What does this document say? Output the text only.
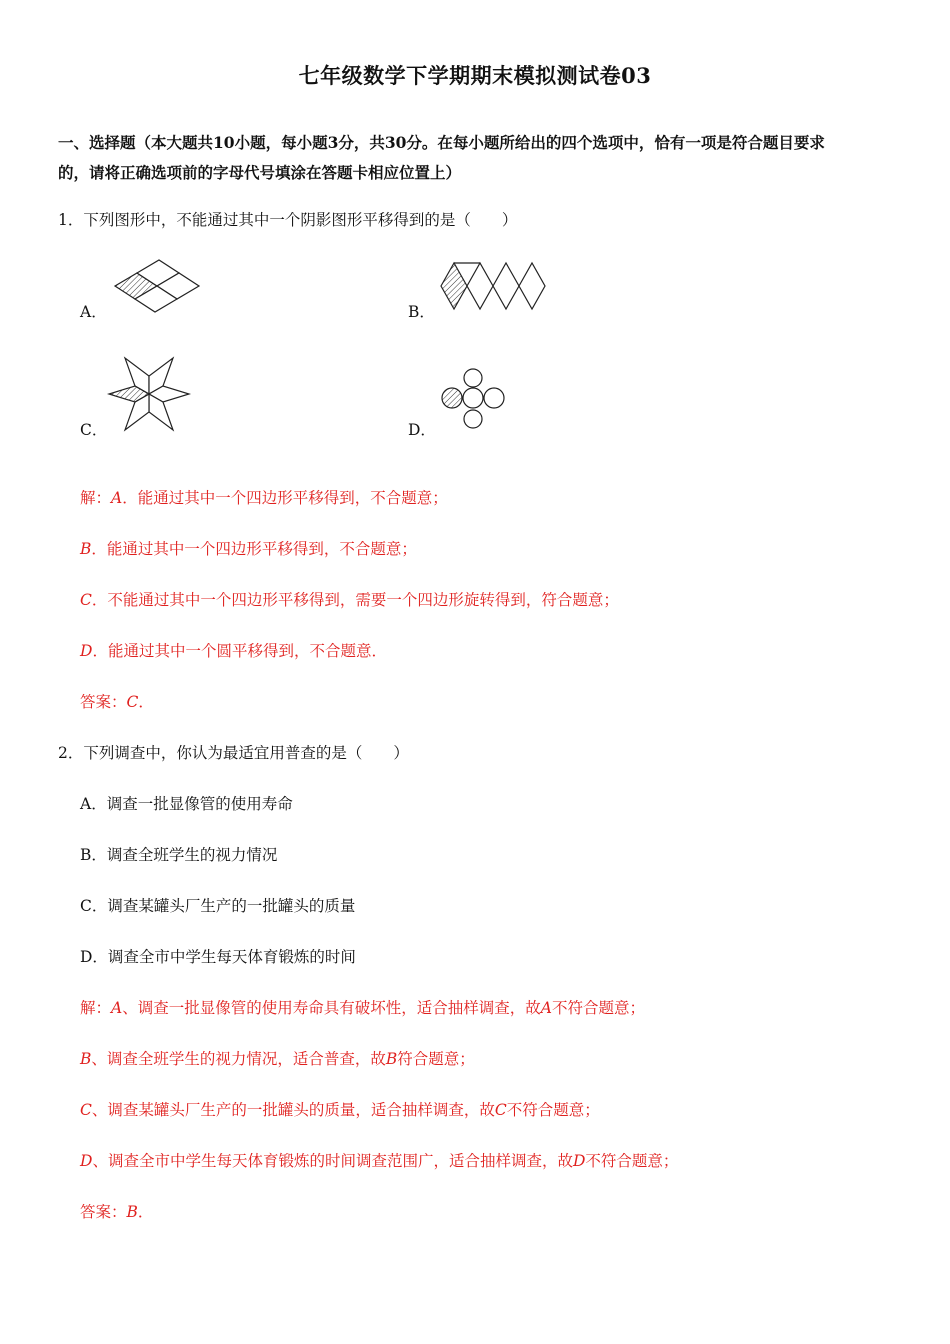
七年级数学下学期期末模拟测试卷03
一、选择题（本大题共10小题，每小题3分，共30分。在每小题所给出的四个选项中，恰有一项是符合题目要求
的，请将正确选项前的字母代号填涂在答题卡相应位置上）
1．下列图形中，不能通过其中一个阴影图形平移得到的是（　　）
A．	B．
C．	D．
解：A．能通过其中一个四边形平移得到，不合题意；
B．能通过其中一个四边形平移得到，不合题意；
C．不能通过其中一个四边形平移得到，需要一个四边形旋转得到，符合题意；
D．能通过其中一个圆平移得到，不合题意．
答案：C．
2．下列调查中，你认为最适宜用普查的是（　　）
A．调查一批显像管的使用寿命
B．调查全班学生的视力情况
C．调查某罐头厂生产的一批罐头的质量
D．调查全市中学生每天体育锻炼的时间
解：A、调查一批显像管的使用寿命具有破坏性，适合抽样调查，故A不符合题意；
B、调查全班学生的视力情况，适合普查，故B符合题意；
C、调查某罐头厂生产的一批罐头的质量，适合抽样调查，故C不符合题意；
D、调查全市中学生每天体育锻炼的时间调查范围广，适合抽样调查，故D不符合题意；
答案：B．
